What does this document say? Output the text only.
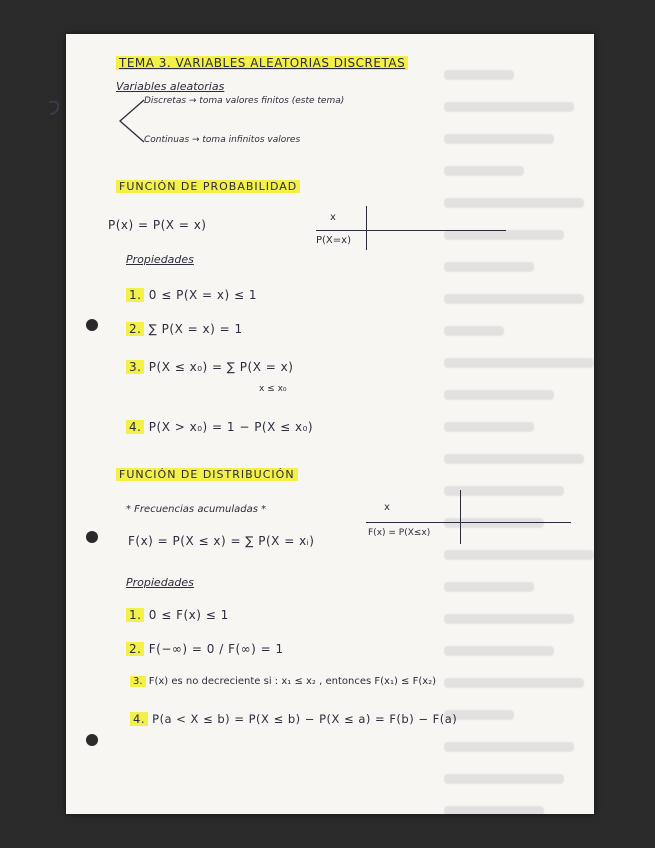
TEMA 3. VARIABLES ALEATORIAS DISCRETAS
Variables aleatorias
Discretas → toma valores finitos (este tema)
Continuas → toma infinitos valores
FUNCIÓN DE PROBABILIDAD
P(x) = P(X = x)
x
P(X=x)
Propiedades
1. 0 ≤ P(X = x) ≤ 1
2. ∑ P(X = x) = 1
3. P(X ≤ x₀) = ∑ P(X = x)
x ≤ x₀
4. P(X > x₀) = 1 − P(X ≤ x₀)
FUNCIÓN DE DISTRIBUCIÓN
* Frecuencias acumuladas *	x
F(x) = P(X≤x)
F(x) = P(X ≤ x) = ∑ P(X = xᵢ)
Propiedades
1. 0 ≤ F(x) ≤ 1
2. F(−∞) = 0 / F(∞) = 1
3. F(x) es no decreciente si : x₁ ≤ x₂ , entonces F(x₁) ≤ F(x₂)
4. P(a < X ≤ b) = P(X ≤ b) − P(X ≤ a) = F(b) − F(a)
